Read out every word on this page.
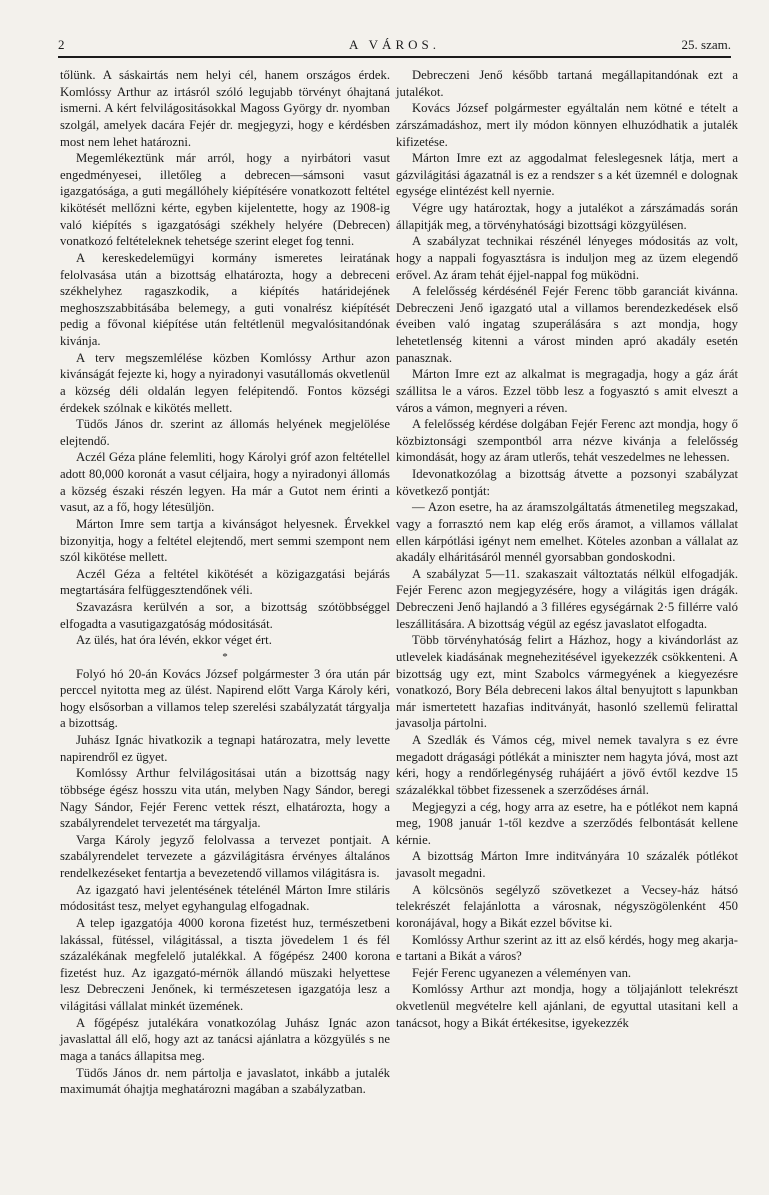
2	A VÁROS.	25. szam.

tőlünk. A sáskairtás nem helyi cél, hanem országos érdek. Komlóssy Arthur az irtásról szóló legujabb törvényt óhajtaná ismerni. A kért felvilágositásokkal Magoss György dr. nyomban szolgál, amelyek dacára Fejér dr. megjegyzi, hogy e kérdésben most nem lehet határozni.

Megemlékeztünk már arról, hogy a nyirbátori vasut engedményesei, illetőleg a debrecen—sámsoni vasut igazgatósága, a guti megállóhely kiépítésére vonatkozott feltétel kikötését mellőzni kérte, egyben kijelentette, hogy az 1908-ig való kiépítés s igazgatósági székhely helyére (Debrecen) vonatkozó feltételeknek tehetsége szerint eleget fog tenni.

A kereskedelemügyi kormány ismeretes leiratának felolvasása után a bizottság elhatározta, hogy a debreceni székhelyhez ragaszkodik, a kiépítés határidejének meghoszszabbitásába belemegy, a guti vonalrész kiépítését pedig a fővonal kiépítése után feltétlenül megvalósitandónak kivánja.

A terv megszemlélése közben Komlóssy Arthur azon kivánságát fejezte ki, hogy a nyiradonyi vasutállomás okvetlenül a község déli oldalán legyen felépitendő. Fontos községi érdekek szólnak e kikötés mellett.

Tüdős János dr. szerint az állomás helyének megjelölése elejtendő.

Aczél Géza pláne felemliti, hogy Károlyi gróf azon feltétellel adott 80,000 koronát a vasut céljaira, hogy a nyiradonyi állomás a község északi részén legyen. Ha már a Gutot nem érinti a vasut, az a fő, hogy létesüljön.

Márton Imre sem tartja a kivánságot helyesnek. Érvekkel bizonyitja, hogy a feltétel elejtendő, mert semmi szempont nem szól kikötése mellett.

Aczél Géza a feltétel kikötését a közigazgatási bejárás megtartására felfüggesztendőnek véli.

Szavazásra kerülvén a sor, a bizottság szótöbbséggel elfogadta a vasutigazgatóság módositását.

Az ülés, hat óra lévén, ekkor véget ért.

*

Folyó hó 20-án Kovács József polgármester 3 óra után pár perccel nyitotta meg az ülést. Napirend előtt Varga Károly kéri, hogy elsősorban a villamos telep szerelési szabályzatát tárgyalja a bizottság.

Juhász Ignác hivatkozik a tegnapi határozatra, mely levette napirendről ez ügyet.

Komlóssy Arthur felvilágositásai után a bizottság nagy többsége égész hosszu vita után, melyben Nagy Sándor, beregi Nagy Sándor, Fejér Ferenc vettek részt, elhatározta, hogy a szabályrendelet tervezetét ma tárgyalja.

Varga Károly jegyző felolvassa a tervezet pontjait. A szabályrendelet tervezete a gázvilágitásra érvényes általános rendelkezéseket fentartja a bevezetendő villamos világitásra is.

Az igazgató havi jelentésének tételénél Márton Imre stiláris módositást tesz, melyet egyhangulag elfogadnak.

A telep igazgatója 4000 korona fizetést huz, természetbeni lakással, fütéssel, világitással, a tiszta jövedelem 1 és fél százalékának megfelelő jutalékkal. A főgépész 2400 korona fizetést huz. Az igazgató-mérnök állandó müszaki helyettese lesz Debreczeni Jenőnek, ki természetesen igazgatója lesz a világitási vállalat minkét üzemének.

A főgépész jutalékára vonatkozólag Juhász Ignác azon javaslattal áll elő, hogy azt az tanácsi ajánlatra a közgyülés s ne maga a tanács állapitsa meg.

Tüdős János dr. nem pártolja e javaslatot, inkább a jutalék maximumát óhajtja meghatározni magában a szabályzatban.

Debreczeni Jenő később tartaná megállapitandónak ezt a jutalékot.

Kovács József polgármester egyáltalán nem kötné e tételt a zárszámadáshoz, mert ily módon könnyen elhuzódhatik a jutalék kifizetése.

Márton Imre ezt az aggodalmat feleslegesnek látja, mert a gázvilágitási ágazatnál is ez a rendszer s a két üzemnél e dolognak egysége elintézést kell nyernie.

Végre ugy határoztak, hogy a jutalékot a zárszámadás során állapitják meg, a törvényhatósági bizottsági közgyülésen.

A szabályzat technikai részénél lényeges módositás az volt, hogy a nappali fogyasztásra is induljon meg az üzem elegendő erővel. Az áram tehát éjjel-nappal fog müködni.

A felelősség kérdésénél Fejér Ferenc több garanciát kivánna. Debreczeni Jenő igazgató utal a villamos berendezkedések első éveiben való ingatag szuperálására s azt mondja, hogy lehetetlenség kitenni a várost minden apró akadály esetén panasznak.

Márton Imre ezt az alkalmat is megragadja, hogy a gáz árát szállitsa le a város. Ezzel több lesz a fogyasztó s amit elveszt a város a vámon, megnyeri a réven.

A felelősség kérdése dolgában Fejér Ferenc azt mondja, hogy ő közbiztonsági szempontból arra nézve kivánja a felelősség kimondását, hogy az áram utlerős, tehát veszedelmes ne lehessen.

Idevonatkozólag a bizottság átvette a pozsonyi szabályzat következő pontját:

— Azon esetre, ha az áramszolgáltatás átmenetileg megszakad, vagy a forrasztó nem kap elég erős áramot, a villamos vállalat ellen kárpótlási igényt nem emelhet. Köteles azonban a vállalat az akadály elháritásáról mennél gyorsabban gondoskodni.

A szabályzat 5—11. szakaszait változtatás nélkül elfogadják. Fejér Ferenc azon megjegyzésére, hogy a világitás igen drágák. Debreczeni Jenő hajlandó a 3 filléres egységárnak 2·5 fillérre való leszállitására. A bizottság végül az egész javaslatot elfogadta.

Több törvényhatóság felirt a Házhoz, hogy a kivándorlást az utlevelek kiadásának megnehezitésével igyekezzék csökkenteni. A bizottság ugy ezt, mint Szabolcs vármegyének a kiegyezésre vonatkozó, Bory Béla debreceni lakos által benyujtott s lapunkban már ismertetett hazafias inditványát, hasonló szellemü felirattal javasolja pártolni.

A Szedlák és Vámos cég, mivel nemek tavalyra s ez évre megadott drágasági pótlékát a miniszter nem hagyta jóvá, most azt kéri, hogy a rendőrlegénység ruhájáért a jövő évtől kezdve 15 százalékkal többet fizessenek a szerződéses árnál.

Megjegyzi a cég, hogy arra az esetre, ha e pótlékot nem kapná meg, 1908 január 1-től kezdve a szerződés felbontását kellene kérnie.

A bizottság Márton Imre inditványára 10 százalék pótlékot javasolt megadni.

A kölcsönös segélyző szövetkezet a Vecsey-ház hátsó telekrészét felajánlotta a városnak, négyszögölenként 450 koronájával, hogy a Bikát ezzel bővitse ki.

Komlóssy Arthur szerint az itt az első kérdés, hogy meg akarja-e tartani a Bikát a város?

Fejér Ferenc ugyanezen a véleményen van.

Komlóssy Arthur azt mondja, hogy a töljajánlott telekrészt okvetlenül megvételre kell ajánlani, de egyuttal utasitani kell a tanácsot, hogy a Bikát értékesitse, igyekezzék
